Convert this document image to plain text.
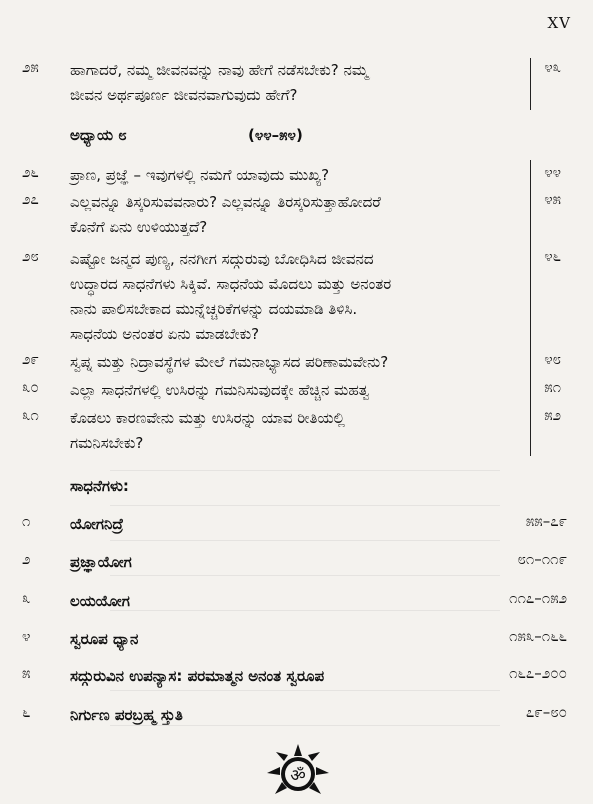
XV
೨೫	ಹಾಗಾದರೆ, ನಮ್ಮ ಜೀವನವನ್ನು ನಾವು ಹೇಗೆ ನಡೆಸಬೇಕು? ನಮ್ಮ
ಜೀವನ ಅರ್ಥಪೂರ್ಣ ಜೀವನವಾಗುವುದು ಹೇಗೆ?
೪೩
ಅಧ್ಯಾಯ ೮	(೪೪–೫೪)
೨೬	ಪ್ರಾಣ, ಪ್ರಜ್ಞೆ – ಇವುಗಳಲ್ಲಿ ನಮಗೆ ಯಾವುದು ಮುಖ್ಯ?	೪೪
೨೭	ಎಲ್ಲವನ್ನೂ ತಿಸ್ಕರಿಸುವವನಾರು? ಎಲ್ಲವನ್ನೂ ತಿರಸ್ಕರಿಸುತ್ತಾಹೋದರೆ
ಕೊನೆಗೆ ಏನು ಉಳಿಯುತ್ತದೆ?
೪೫
೨೮	ಎಷ್ಟೋ ಜನ್ಮದ ಪುಣ್ಯ, ನನಗೀಗ ಸದ್ಗುರುವು ಬೋಧಿಸಿದ ಜೀವನದ
ಉದ್ಧಾರದ ಸಾಧನೆಗಳು ಸಿಕ್ಕಿವೆ. ಸಾಧನೆಯ ಮೊದಲು ಮತ್ತು ಅನಂತರ
ನಾನು ಪಾಲಿಸಬೇಕಾದ ಮುನ್ನೆಚ್ಚರಿಕೆಗಳನ್ನು ದಯಮಾಡಿ ತಿಳಿಸಿ.
ಸಾಧನೆಯ ಅನಂತರ ಏನು ಮಾಡಬೇಕು?
೪೬
೨೯	ಸ್ವಪ್ನ ಮತ್ತು ನಿದ್ರಾವಸ್ಥೆಗಳ ಮೇಲೆ ಗಮನಾಭ್ಯಾಸದ ಪರಿಣಾಮವೇನು?	೪೮
೩೦	ಎಲ್ಲಾ ಸಾಧನೆಗಳಲ್ಲಿ ಉಸಿರನ್ನು ಗಮನಿಸುವುದಕ್ಕೇ ಹೆಚ್ಚಿನ ಮಹತ್ವ	೫೧
೩೧	ಕೊಡಲು ಕಾರಣವೇನು ಮತ್ತು ಉಸಿರನ್ನು ಯಾವ ರೀತಿಯಲ್ಲಿ
ಗಮನಿಸಬೇಕು?
೫೨
ಸಾಧನೆಗಳು:
೧	ಯೋಗನಿದ್ರೆ	೫೫–೭೯
೨	ಪ್ರಜ್ಞಾಯೋಗ	೮೧–೧೧೯
೩	ಲಯಯೋಗ	೧೧೭–೧೫೨
೪	ಸ್ವರೂಪ ಧ್ಯಾನ	೧೫೩–೧೬೬
೫	ಸದ್ಗುರುವಿನ ಉಪನ್ಯಾಸ: ಪರಮಾತ್ಮನ ಅನಂತ ಸ್ವರೂಪ	೧೬೭–೨೦೦
೬	ನಿರ್ಗುಣ ಪರಬ್ರಹ್ಮ ಸ್ತುತಿ	೭೯–೮೦
ॐ
